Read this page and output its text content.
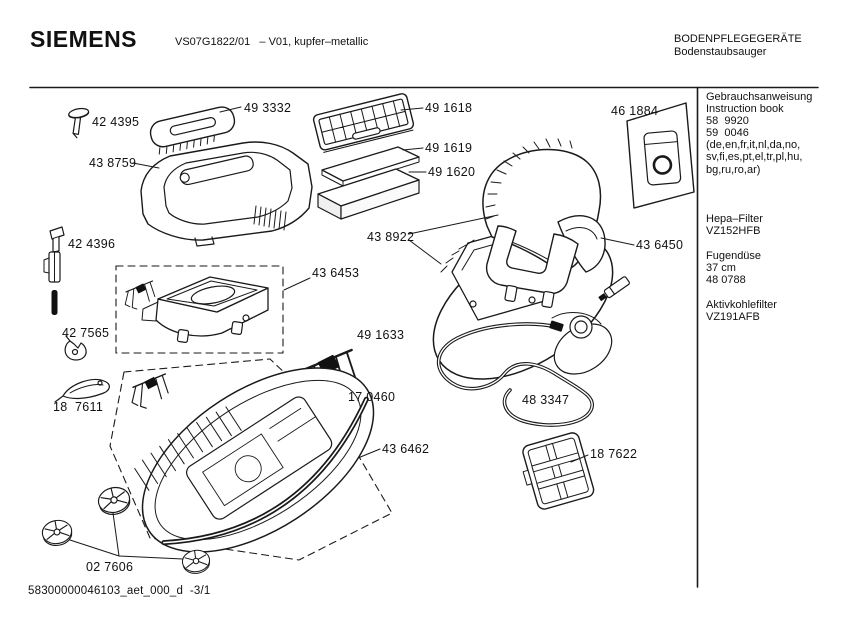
SIEMENS	VS07G1822/01   – V01, kupfer–metallic	BODENPFLEGEGERÄTE
Bodenstaubsauger
42 4395
49 3332
43 8759
49 1618
49 1619
49 1620
46 1884
43 8922
43 6450
42 4396
43 6453
49 1633
42 7565
17 0460
18  7611	48 3347
43 6462	18 7622
02 7606
Gebrauchsanweisung
Instruction book
58  9920
59  0046
(de,en,fr,it,nl,da,no,
sv,fi,es,pt,el,tr,pl,hu,
bg,ru,ro,ar)
Hepa–Filter
VZ152HFB
Fugendüse
37 cm
48 0788
Aktivkohlefilter
VZ191AFB
58300000046103_aet_000_d  -3/1
